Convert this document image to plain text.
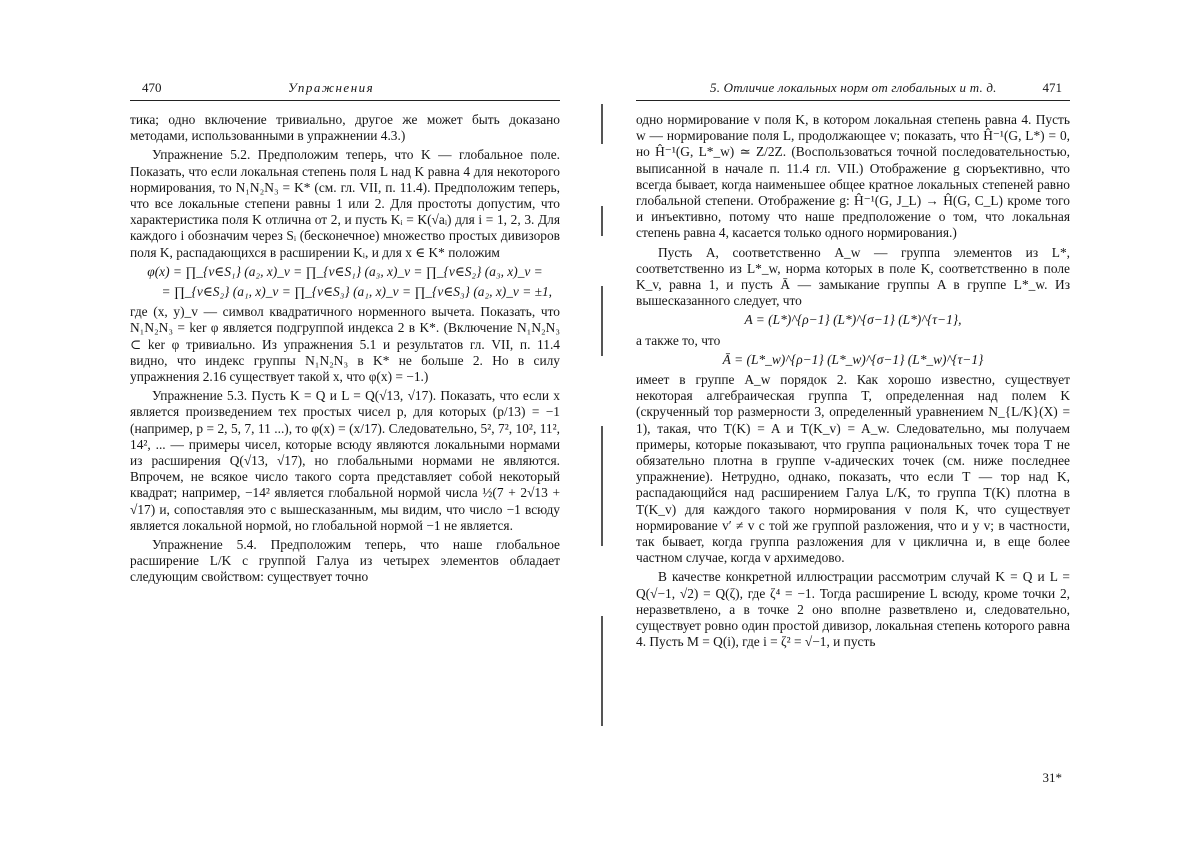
470	Упражнения

тика; одно включение тривиально, другое же может быть доказано методами, использованными в упражнении 4.3.)

Упражнение 5.2. Предположим теперь, что K — глобальное поле. Показать, что если локальная степень поля L над K равна 4 для некоторого нормирования, то N₁N₂N₃ = K* (см. гл. VII, п. 11.4). Предположим теперь, что все локальные степени равны 1 или 2. Для простоты допустим, что характеристика поля K отлична от 2, и пусть Kᵢ = K(√aᵢ) для i = 1, 2, 3. Для каждого i обозначим через Sᵢ (бесконечное) множество простых дивизоров поля K, распадающихся в расширении Kᵢ, и для x ∈ K* положим

φ(x) = ∏_{v∈S₁} (a₂, x)_v = ∏_{v∈S₁} (a₃, x)_v = ∏_{v∈S₂} (a₃, x)_v =
= ∏_{v∈S₂} (a₁, x)_v = ∏_{v∈S₃} (a₁, x)_v = ∏_{v∈S₃} (a₂, x)_v = ±1,

где (x, y)_v — символ квадратичного норменного вычета. Показать, что N₁N₂N₃ = ker φ является подгруппой индекса 2 в K*. (Включение N₁N₂N₃ ⊂ ker φ тривиально. Из упражнения 5.1 и результатов гл. VII, п. 11.4 видно, что индекс группы N₁N₂N₃ в K* не больше 2. Но в силу упражнения 2.16 существует такой x, что φ(x) = −1.)

Упражнение 5.3. Пусть K = Q и L = Q(√13, √17). Показать, что если x является произведением тех простых чисел p, для которых (p/13) = −1 (например, p = 2, 5, 7, 11 ...), то φ(x) = (x/17). Следовательно, 5², 7², 10², 11², 14², ... — примеры чисел, которые всюду являются локальными нормами из расширения Q(√13, √17), но глобальными нормами не являются. Впрочем, не всякое число такого сорта представляет собой некоторый квадрат; например, −14² является глобальной нормой числа ½(7 + 2√13 + √17) и, сопоставляя это с вышесказанным, мы видим, что число −1 всюду является локальной нормой, но глобальной нормой −1 не является.

Упражнение 5.4. Предположим теперь, что наше глобальное расширение L/K с группой Галуа из четырех элементов обладает следующим свойством: существует точно

5. Отличие локальных норм от глобальных и т. д.	471

одно нормирование v поля K, в котором локальная степень равна 4. Пусть w — нормирование поля L, продолжающее v; показать, что Ĥ⁻¹(G, L*) = 0, но Ĥ⁻¹(G, L*_w) ≃ Z/2Z. (Воспользоваться точной последовательностью, выписанной в начале п. 11.4 гл. VII.) Отображение g сюръективно, что всегда бывает, когда наименьшее общее кратное локальных степеней равно глобальной степени. Отображение g: Ĥ⁻¹(G, J_L) → Ĥ(G, C_L) кроме того и инъективно, потому что наше предположение о том, что локальная степень равна 4, касается только одного нормирования.)

Пусть A, соответственно A_w — группа элементов из L*, соответственно из L*_w, норма которых в поле K, соответственно в поле K_v, равна 1, и пусть Ā — замыкание группы A в группе L*_w. Из вышесказанного следует, что

A = (L*)^{ρ−1} (L*)^{σ−1} (L*)^{τ−1},

а также то, что

Ā = (L*_w)^{ρ−1} (L*_w)^{σ−1} (L*_w)^{τ−1}

имеет в группе A_w порядок 2. Как хорошо известно, существует некоторая алгебраическая группа T, определенная над полем K (скрученный тор размерности 3, определенный уравнением N_{L/K}(X) = 1), такая, что T(K) = A и T(K_v) = A_w. Следовательно, мы получаем примеры, которые показывают, что группа рациональных точек тора T не обязательно плотна в группе v-адических точек (см. ниже последнее упражнение). Нетрудно, однако, показать, что если T — тор над K, распадающийся над расширением Галуа L/K, то группа T(K) плотна в T(K_v) для каждого такого нормирования v поля K, что существует нормирование v′ ≠ v с той же группой разложения, что и у v; в частности, так бывает, когда группа разложения для v циклична и, в еще более частном случае, когда v архимедово.

В качестве конкретной иллюстрации рассмотрим случай K = Q и L = Q(√−1, √2) = Q(ζ), где ζ⁴ = −1. Тогда расширение L всюду, кроме точки 2, неразветвлено, а в точке 2 оно вполне разветвлено и, следовательно, существует ровно один простой дивизор, локальная степень которого равна 4. Пусть M = Q(i), где i = ζ² = √−1, и пусть

31*
